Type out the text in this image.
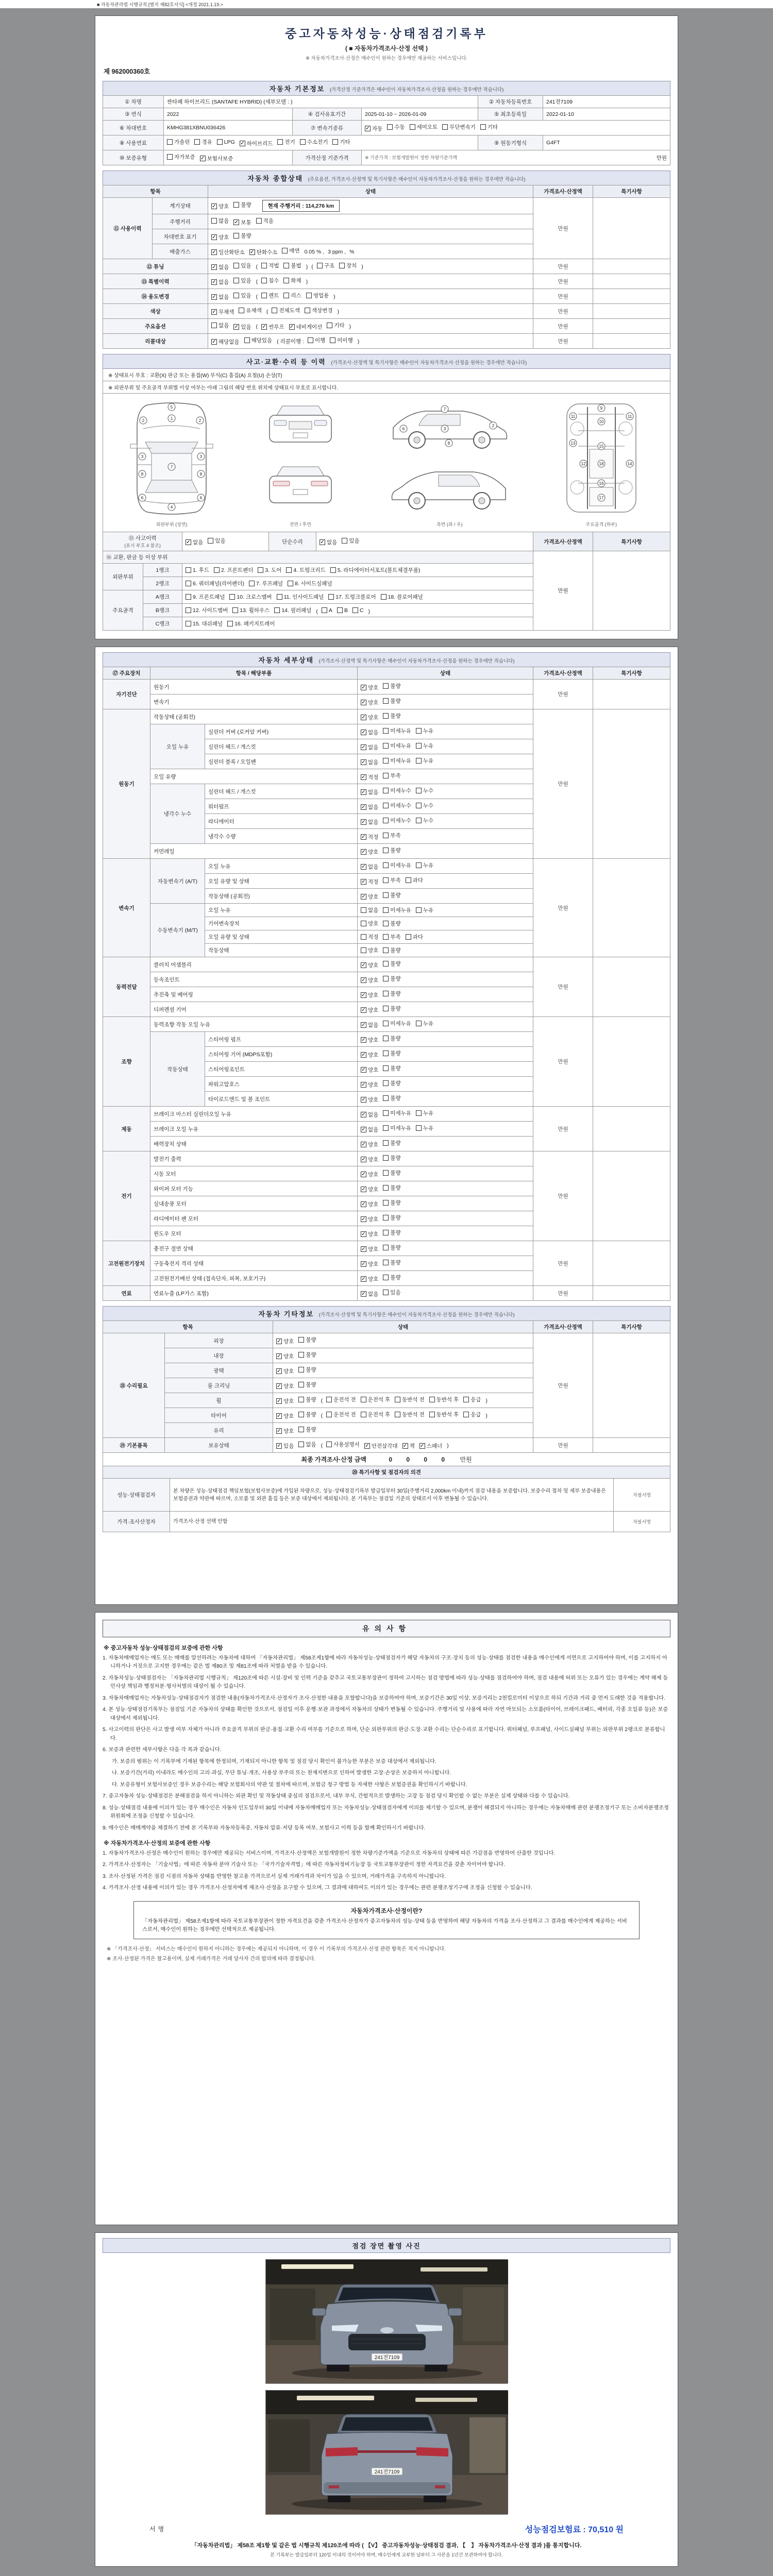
■ 자동차관리법 시행규칙 [별지 제82호서식] <개정 2021.1.19.>
중고자동차성능·상태점검기록부
( ■ 자동차가격조사·산정 선택 )
※ 자동차가격조사·산정은 매수인이 원하는 경우에만 제공하는 서비스입니다.
제 962000360호
자동차 기본정보 (가격산정 기준가격은 매수인이 자동차가격조사·산정을 원하는 경우에만 적습니다)
① 차명	싼타페 하이브리드 (SANTAFE HYBRID) (세부모델 : )			② 자동차등록번호	241전7109
③ 연식	2022	④ 검사유효기간	2025-01-10 ~ 2026-01-09	⑤ 최초등록일	2022-01-10
⑥ 차대번호	KMHG381XBNU036426	⑦ 변속기종류	✓ 자동 수동 세미오토 무단변속기 기타

⑧ 사용연료	가솔린 경유 LPG ✓ 하이브리드 전기 수소전기 기타	⑨ 원동기형식	G4FT
⑩ 보증유형	자가보증 ✓ 보험사보증	가격산정 기준가격	※ 기준가격 : 보험개발원이 정한 차량기준가액 만원		
자동차 종합상태 (주요옵션, 가격조사·산정액 및 특기사항은 매수인이 자동차가격조사·산정을 원하는 경우에만 적습니다)
항목		상태	가격조사·산정액	특기사항
⑪ 사용이력	계기상태	✓ 양호 불량 현재 주행거리 : 114,276 km	만원	
	주행거리	많음 ✓ 보통 적음		

	차대번호 표기	✓ 양호 불량		

배출가스	✓ 일산화탄소 ✓ 탄화수소 매연 0.05 % , 3 ppm , %
⑫ 튜닝	✓ 없음 있음 ( 적법 불법 ) ( 구조 장치 )	만원	
⑬ 특별이력	✓ 없음 있음 ( 침수 화재 )	만원	
⑭ 용도변경	✓ 없음 있음 ( 렌트 리스 영업용 )	만원	
색상	✓ 무채색 유채색 ( 전체도색 색상변경 )	만원	
주요옵션	없음 ✓ 있음 ( ✓ 썬루프 ✓ 네비게이션 기타 )	만원	
리콜대상	✓ 해당없음 해당있음 ( 리콜이행 : 이행 미이행 )	만원	
사고·교환·수리 등 이력 (가격조사·산정액 및 특기사항은 매수인이 자동차가격조사·산정을 원하는 경우에만 적습니다)
※ 상태표시 부호 : 교환(X) 판금 또는 용접(W) 부식(C) 흠집(A) 요철(U) 손상(T)
※ 외판부위 및 주요골격 부위별 이상 여부는 아래 그림의 해당 번호 위치에 상태표시 부호로 표시합니다.
5
1
2	2
3	3
7
8	8
6	6
4
외판부위 (상면)	전면 / 후면
7
2
3
6
8
측면 (좌 / 우)
9
10
11	11
13
12	14
15
18
16
17
주요골격 (하부)
⑮ 사고이력
(표시 부호 4 참조)		✓ 없음 있음	단순수리	✓ 없음 있음	가격조사·산정액	특기사항
⑯ 교환, 판금 등 이상 부위					만원	
외판부위	1랭크	1. 후드 2. 프론트펜더 3. 도어 4. 트렁크리드 5. 라디에이터서포트(볼트체결부품)				

	2랭크	6. 쿼터패널(리어펜더) 7. 루프패널 8. 사이드실패널				

주요골격	A랭크	9. 프론트패널 10. 크로스멤버 11. 인사이드패널 17. 트렁크플로어 18. 플로어패널				

B랭크	12. 사이드멤버 13. 휠하우스 14. 필러패널 ( A B C )
	C랭크	15. 대쉬패널 16. 패키지트레이				
자동차 세부상태 (가격조사·산정액 및 특기사항은 매수인이 자동차가격조사·산정을 원하는 경우에만 적습니다)
⑰ 주요장치	항목 / 해당부품		상태	가격조사·산정액	특기사항
자기진단	원동기		✓ 양호 불량	만원	
	변속기		✓ 양호 불량		

원동기	작동상태 (공회전)		✓ 양호 불량	만원	
	오일 누유	실린더 커버 (로커암 커버)	✓ 없음 미세누유 누유		

		실린더 헤드 / 개스킷	✓ 없음 미세누유 누유		

		실린더 블록 / 오일팬	✓ 없음 미세누유 누유		

	오일 유량		✓ 적정 부족		

	냉각수 누수	실린더 헤드 / 개스킷	✓ 없음 미세누수 누수		

		워터펌프	✓ 없음 미세누수 누수		

		라디에이터	✓ 없음 미세누수 누수		

		냉각수 수량	✓ 적정 부족		

	커먼레일		✓ 양호 불량		

변속기	자동변속기 (A/T)	오일 누유	✓ 없음 미세누유 누유	만원	
		오일 유량 및 상태	✓ 적정 부족 과다		

		작동상태 (공회전)	✓ 양호 불량		

	수동변속기 (M/T)	오일 누유	없음 미세누유 누유		

		기어변속장치	양호 불량		

		오일 유량 및 상태	적정 부족 과다		

		작동상태	양호 불량		

동력전달	클러치 어셈블리		✓ 양호 불량	만원	
	등속조인트		✓ 양호 불량		

	추진축 및 베어링		✓ 양호 불량		

	디퍼렌셜 기어		✓ 양호 불량		

조향	동력조향 작동 오일 누유		✓ 없음 미세누유 누유	만원	
	작동상태	스티어링 펌프	✓ 양호 불량		

		스티어링 기어 (MDPS포함)	✓ 양호 불량		

		스티어링조인트	✓ 양호 불량		

		파워고압호스	✓ 양호 불량		

		타이로드엔드 및 볼 조인트	✓ 양호 불량		

제동	브레이크 마스터 실린더오일 누유		✓ 없음 미세누유 누유	만원	
	브레이크 오일 누유		✓ 없음 미세누유 누유		

	배력장치 상태		✓ 양호 불량		

전기	발전기 출력		✓ 양호 불량	만원	
	시동 모터		✓ 양호 불량		

	와이퍼 모터 기능		✓ 양호 불량		

	실내송풍 모터		✓ 양호 불량		

	라디에이터 팬 모터		✓ 양호 불량		

	윈도우 모터		✓ 양호 불량		

고전원전기장치	충전구 절연 상태		✓ 양호 불량	만원	
	구동축전지 격리 상태		✓ 양호 불량		

	고전원전기배선 상태 (접속단자, 피복, 보호기구)		✓ 양호 불량		

연료	연료누출 (LP가스 포함)		✓ 없음 있음	만원	
자동차 기타정보 (가격조사·산정액 및 특기사항은 매수인이 자동차가격조사·산정을 원하는 경우에만 적습니다)
항목		상태	가격조사·산정액	특기사항
⑱ 수리필요	외장	✓ 양호 불량	만원	
	내장	✓ 양호 불량		

	광택	✓ 양호 불량		

	룸 크리닝	✓ 양호 불량		

휠	✓ 양호 불량 ( 운전석 전 운전석 후 동반석 전 동반석 후 응급 )
타이어	✓ 양호 불량 ( 운전석 전 운전석 후 동반석 전 동반석 후 응급 )
	유리	✓ 양호 불량		

⑲ 기본품목	보유상태	✓ 있음 없음 ( 사용설명서 ✓ 안전삼각대 ✓ 잭 ✓ 스패너 )	만원	
최종 가격조사·산정 금액	0 0 0 0 만원
⑳ 특기사항 및 점검자의 의견		
성능·상태점검자	본 차량은 성능·상태점검 책임보험(보험사보증)에 가입된 차량으로, 성능·상태점검기록부 발급일부터 30일(주행거리 2,000km 이내)까지 점검 내용을 보증합니다. 보증수리 절차 및 세부 보증내용은 보험증권과 약관에 따르며, 소모품 및 외관 흠집 등은 보증 대상에서 제외됩니다. 본 기록부는 점검일 기준의 상태로서 이후 변동될 수 있습니다.	자필서명
가격·조사산정자	가격조사·산정 선택 안함	자필서명
유의사항
※ 중고자동차 성능·상태점검의 보증에 관한 사항
1. 자동차매매업자는 매도 또는 매매를 알선하려는 자동차에 대하여 「자동차관리법」 제58조제1항에 따라 자동차성능·상태점검자가 해당 자동차의 구조·장치 등의 성능·상태를 점검한 내용을 매수인에게 서면으로 고지하여야 하며, 이를 고지하지 아니하거나 거짓으로 고지한 경우에는 같은 법 제80조 및 제81조에 따라 처벌을 받을 수 있습니다.
2. 자동차성능·상태점검자는 「자동차관리법 시행규칙」 제120조에 따른 시설·장비 및 인력 기준을 갖추고 국토교통부장관이 정하여 고시하는 점검 방법에 따라 성능·상태를 점검하여야 하며, 점검 내용에 허위 또는 오류가 있는 경우에는 계약 해제 등 민사상 책임과 행정처분·형사처벌의 대상이 될 수 있습니다.
3. 자동차매매업자는 자동차성능·상태점검자가 점검한 내용(자동차가격조사·산정자가 조사·산정한 내용을 포함합니다)을 보증하여야 하며, 보증기간은 30일 이상, 보증거리는 2천킬로미터 이상으로 하되 기간과 거리 중 먼저 도래한 것을 적용합니다.
4. 본 성능·상태점검기록부는 점검일 기준 자동차의 상태를 확인한 것으로서, 점검일 이후 운행·보관 과정에서 자동차의 상태가 변동될 수 있습니다. 주행거리 및 사용에 따라 자연 마모되는 소모품(타이어, 브레이크패드, 배터리, 각종 오일류 등)은 보증 대상에서 제외됩니다.
5. 사고이력의 판단은 사고 발생 여부 자체가 아니라 주요골격 부위의 판금·용접·교환 수리 여부를 기준으로 하며, 단순 외판부위의 판금·도장·교환 수리는 단순수리로 표기합니다. 쿼터패널, 루프패널, 사이드실패널 부위는 외판부위 2랭크로 분류합니다.
6. 보증과 관련한 세부사항은 다음 각 목과 같습니다.
가. 보증의 범위는 이 기록부에 기재된 항목에 한정되며, 기재되지 아니한 항목 및 점검 당시 확인이 불가능한 부분은 보증 대상에서 제외됩니다.
나. 보증기간(거리) 이내라도 매수인의 고의·과실, 무단 튜닝·개조, 사용상 부주의 또는 천재지변으로 인하여 발생한 고장·손상은 보증하지 아니합니다.
다. 보증유형이 보험사보증인 경우 보증수리는 해당 보험회사의 약관 및 절차에 따르며, 보험금 청구 방법 등 자세한 사항은 보험증권을 확인하시기 바랍니다.
7. 중고자동차 성능·상태점검은 분해점검을 하지 아니하는 외관 확인 및 작동상태 중심의 점검으로서, 내부 부식, 간헐적으로 발생하는 고장 등 점검 당시 확인할 수 없는 부분은 실제 상태와 다를 수 있습니다.
8. 성능·상태점검 내용에 이의가 있는 경우 매수인은 자동차 인도일부터 30일 이내에 자동차매매업자 또는 자동차성능·상태점검자에게 이의를 제기할 수 있으며, 분쟁이 해결되지 아니하는 경우에는 자동차매매 관련 분쟁조정기구 또는 소비자분쟁조정위원회에 조정을 신청할 수 있습니다.
9. 매수인은 매매계약을 체결하기 전에 본 기록부와 자동차등록증, 자동차 압류·저당 등록 여부, 보험사고 이력 등을 함께 확인하시기 바랍니다.
※ 자동차가격조사·산정의 보증에 관한 사항
1. 자동차가격조사·산정은 매수인이 원하는 경우에만 제공되는 서비스이며, 가격조사·산정액은 보험개발원이 정한 차량기준가액을 기준으로 자동차의 상태에 따른 가감점을 반영하여 산출한 것입니다.
2. 가격조사·산정자는 「기술사법」에 따른 자동차 분야 기술사 또는 「국가기술자격법」에 따른 자동차정비기능장 등 국토교통부장관이 정한 자격요건을 갖춘 자이어야 합니다.
3. 조사·산정된 가격은 점검 시점의 자동차 상태를 반영한 참고용 가격으로서 실제 거래가격과 차이가 있을 수 있으며, 거래가격을 구속하지 아니합니다.
4. 가격조사·산정 내용에 이의가 있는 경우 가격조사·산정자에게 재조사·산정을 요구할 수 있으며, 그 결과에 대하여도 이의가 있는 경우에는 관련 분쟁조정기구에 조정을 신청할 수 있습니다.
자동차가격조사·산정이란?
「자동차관리법」 제58조제1항에 따라 국토교통부장관이 정한 자격요건을 갖춘 가격조사·산정자가 중고자동차의 성능·상태 등을 반영하여 해당 자동차의 가격을 조사·산정하고 그 결과를 매수인에게 제공하는 서비스로서, 매수인이 원하는 경우에만 선택적으로 제공됩니다.
※ 「가격조사·산정」 서비스는 매수인이 원하지 아니하는 경우에는 제공되지 아니하며, 이 경우 이 기록부의 가격조사·산정 관련 항목은 적지 아니합니다.
※ 조사·산정된 가격은 참고용이며, 실제 거래가격은 거래 당사자 간의 합의에 따라 결정됩니다.
점검 장면 촬영 사진
241전7109
241전7109
서명	성능점검보험료 : 70,510 원
「자동차관리법」 제58조 제1항 및 같은 법 시행규칙 제120조에 따라 ( 【V】 중고자동차성능·상태점검 결과, 【　】 자동차가격조사·산정 결과 )를 통지합니다.
본 기록부는 발급일부터 120일 이내의 것이어야 하며, 매수인에게 교부한 날부터 그 사본을 1년간 보관하여야 합니다.
